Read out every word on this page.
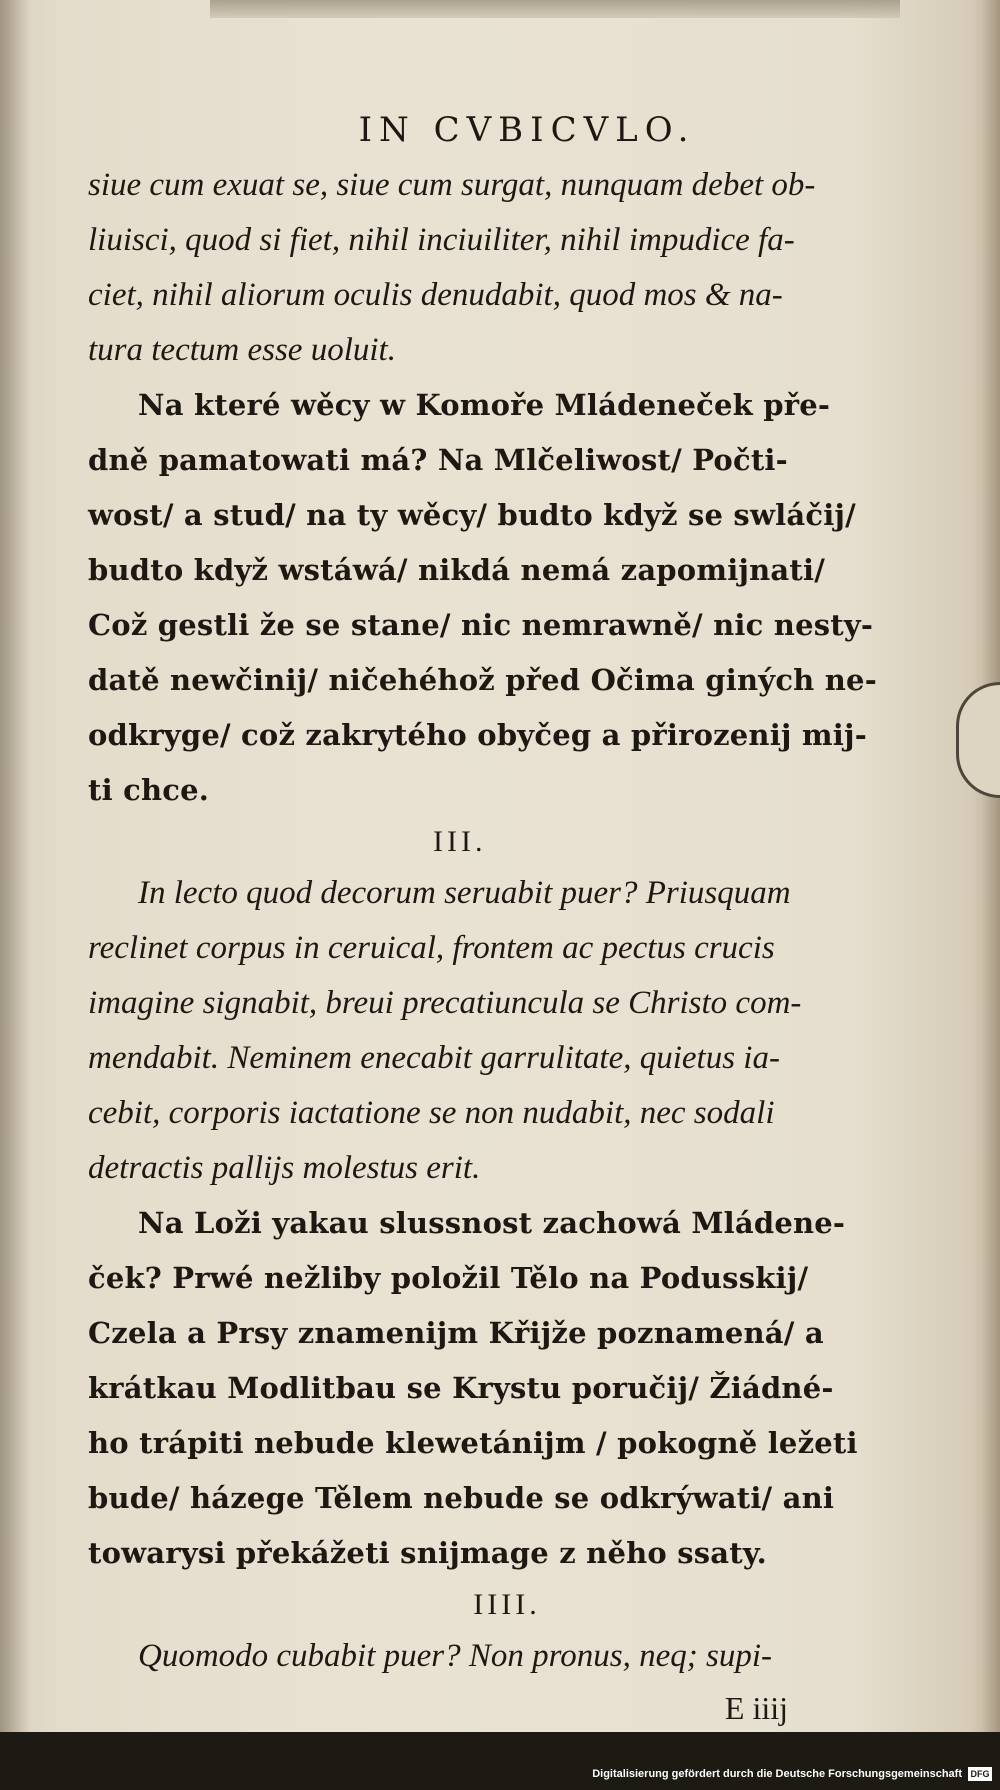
IN CVBICVLO.
siue cum exuat se, siue cum surgat, nunquam debet ob-
liuisci, quod si fiet, nihil inciuiliter, nihil impudice fa-
ciet, nihil aliorum oculis denudabit, quod mos & na-
tura tectum esse uoluit.
Na které wěcy w Komoře Mládeneček pře-
dně pamatowati má? Na Mlčeliwost/ Počti-
wost/ a stud/ na ty wěcy/ budto když se swláčij/
budto když wstáwá/ nikdá nemá zapomijnati/
Což gestli že se stane/ nic nemrawně/ nic nesty-
datě newčinij/ ničehéhož před Očima giných ne-
odkryge/ což zakrytého obyčeg a přirozenij mij-
ti chce.
III.
In lecto quod decorum seruabit puer? Priusquam
reclinet corpus in ceruical, frontem ac pectus crucis
imagine signabit, breui precatiuncula se Christo com-
mendabit. Neminem enecabit garrulitate, quietus ia-
cebit, corporis iactatione se non nudabit, nec sodali
detractis pallijs molestus erit.
Na Loži yakau slussnost zachowá Mládene-
ček? Prwé nežliby položil Tělo na Podusskij/
Czela a Prsy znamenijm Křijže poznamená/ a
krátkau Modlitbau se Krystu poručij/ Žiádné-
ho trápiti nebude klewetánijm / pokogně ležeti
bude/ házege Tělem nebude se odkrýwati/ ani
towarysi překážeti snijmage z něho ssaty.
IIII.
Quomodo cubabit puer? Non pronus, neq; supi-
E iiij
Digitalisierung gefördert durch die Deutsche Forschungsgemeinschaft DFG
